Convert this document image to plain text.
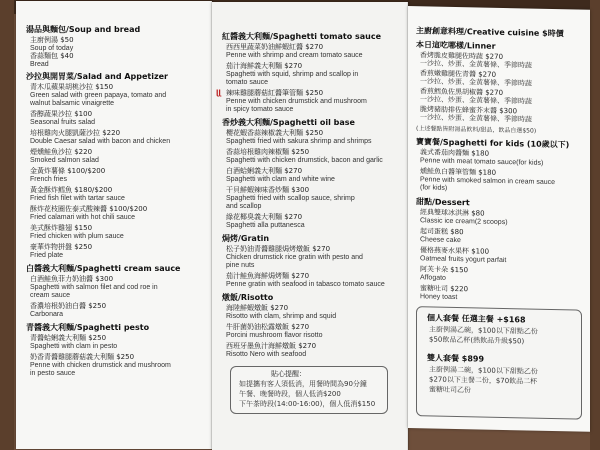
湯品與麵包/Soup and bread
主廚例湯 $50
Soup of today
香蒜麵包 $40
Bread
沙拉與開胃菜/Salad and Appetizer
青木瓜蘋果胡桃沙拉 $150
Green salad with green papaya, tomato and
walnut balsamic vinaigrette
香醇蔬果沙拉 $100
Seasonal fruits salad
培根雞肉火腿凱薩沙拉 $220
Double Caesar salad with bacon and chicken
煙燻鮭魚沙拉 $220
Smoked salmon salad
金黃炸薯條 $100/$200
French fries
黃金酥炸鱈魚 $180/$200
Fried fish filet with tartar sauce
酥炸花枝圈佐泰式酸辣醬 $100/$200
Fried calamari with hot chili sauce
美式酥炸雞翅 $150
Fried chicken with plum sauce
豪華炸物拼盤 $250
Fried plate
白醬義大利麵/Spaghetti cream sauce
白酒鮭魚菲力奶油醬 $300
Spaghetti with salmon filet and cod roe in
cream sauce
香濃培根奶油白醬 $250
Carbonara
青醬義大利麵/Spaghetti pesto
青醬蛤蜊義大利麵 $250
Spaghetti with clam in pesto
奶香青醬雞腿蘑菇義大利麵 $250
Penne with chicken drumstick and mushroom
in pesto sauce
紅醬義大利麵/Spaghetti tomato sauce
西西里蔬菜奶油鮮蝦紅醬 $270
Penne with shrimp and cream tomato sauce
茄汁海鮮義大利麵 $270
Spaghetti with squid, shrimp and scallop in
tomato sauce
ɭɭ 辣味雞腿蘑菇紅醬筆管麵 $250
Penne with chicken drumstick and mushroom
in spicy tomato sauce
香炒義大利麵/Spaghetti oil base
櫻花蝦香蒜辣椒義大利麵 $250
Spaghetti fried with sakura shrimp and shrimps
香蒜培根雞肉辣椒麵 $250
Spaghetti with chicken drumstick, bacon and garlic
白酒蛤蜊義大利麵 $270
Spaghetti with clam and white wine
干貝鮮蝦辣味香炒麵 $300
Spaghetti fried with scallop sauce, shrimp
and scallop
綠花椰臭義大利麵 $270
Spaghetti alla puttanesca
焗烤/Gratin
松子奶油青醬雞腿焗烤燉飯 $270
Chicken drumstick rice gratin with pesto and
pine nuts
茄汁鮭魚海鮮焗烤麵 $270
Penne gratin with seafood in tabasco tomato sauce
燉飯/Risotto
海陸鮮蝦燉飯 $270
Risotto with clam, shrimp and squid
牛肝菌奶油松露燉飯 $270
Porcini mushroom flavor risotto
西班牙墨魚汁海鮮燉飯 $270
Risotto Nero with seafood
貼心提醒：
如提攜有客人須低消，用餐時間為90分鐘
午餐、晚餐時段，個人低消$200
下午茶時段(14:00-16:00)，個人低消$150
主廚創意料理/Creative cuisine $時價
本日這吃哪樣/Linner
香烤脆皮雞腿佐時蔬 $270
一沙拉、炒蛋、金黃薯條、季節時蔬
香煎嫩雞腿佐青醬 $270
一沙拉、炒蛋、金黃薯條、季節時蔬
香煎鱈魚佐黑胡椒醬 $270
一沙拉、炒蛋、金黃薯條、季節時蔬
脆烤豬肋排佐蜂蜜芥末醬 $300
一沙拉、炒蛋、金黃薯條、季節時蔬
(上述餐點皆附湯品飲料/甜品，飲品自選$50)
寶寶餐/Spaghetti for kids (10歲以下)
義式番茄肉醬麵 $180
Penne with meat tomato sauce(for kids)
燻鮭魚白醬筆管麵 $180
Penne with smoked salmon in cream sauce
(for kids)
甜點/Dessert
經典雙球冰淇淋 $80
Classic ice cream(2 scoops)
起司蛋糕 $80
Cheese cake
優格燕麥水果杯 $100
Oatmeal fruits yogurt parfait
阿芙卡朵 $150
Affogato
蜜糖吐司 $220
Honey toast
個人套餐 任選主餐 +$168
主廚例湯乙碗，$100以下甜點乙份
$50飲品乙杯(熱飲品升級$50)
雙人套餐 $899
主廚例湯二碗，$100以下甜點乙份
$270以下主餐二份，$70飲品二杯
蜜糖吐司乙份
